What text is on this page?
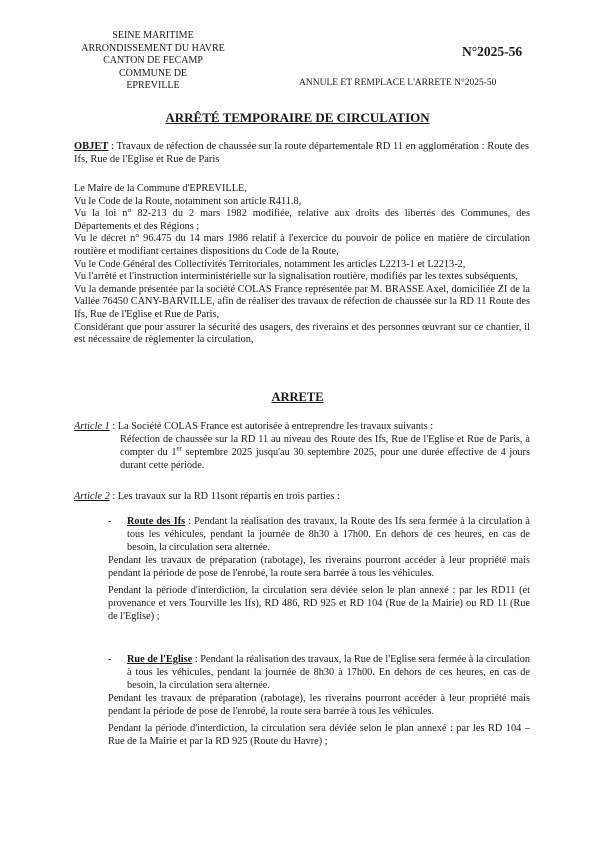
SEINE MARITIME
ARRONDISSEMENT DU HAVRE
CANTON DE FECAMP
COMMUNE DE
EPREVILLE
N°2025-56
ANNULE ET REMPLACE L'ARRETE N°2025-50
ARRÊTÉ TEMPORAIRE DE CIRCULATION
OBJET : Travaux de réfection de chaussée sur la route départementale RD 11 en agglomération : Route des Ifs, Rue de l'Eglise et Rue de Paris

Le Maire de la Commune d'EPREVILLE,

Vu le Code de la Route, notamment son article R411.8,

Vu la loi n° 82-213 du 2 mars 1982 modifiée, relative aux droits des libertés des Communes, des Départements et des Régions ;

Vu le décret n° 96.475 du 14 mars 1986 relatif à l'exercice du pouvoir de police en matière de circulation routière et modifiant certaines dispositions du Code de la Route,

Vu le Code Général des Collectivités Territoriales, notamment les articles L2213-1 et L2213-2,

Vu l'arrêté et l'instruction interministérielle sur la signalisation routière, modifiés par les textes subséquents,

Vu la demande présentée par la société COLAS France représentée par M. BRASSE Axel, domiciliée ZI de la Vallée 76450 CANY-BARVILLE, afin de réaliser des travaux de réfection de chaussée sur la RD 11 Route des Ifs, Rue de l'Eglise et Rue de Paris,

Considérant que pour assurer la sécurité des usagers, des riverains et des personnes œuvrant sur ce chantier, il est nécessaire de règlementer la circulation,

ARRETE

Article 1 : La Société COLAS France est autorisée à entreprendre les travaux suivants :

Réfection de chaussée sur la RD 11 au niveau des Route des Ifs, Rue de l'Eglise et Rue de Paris, à compter du 1er septembre 2025 jusqu'au 30 septembre 2025, pour une durée effective de 4 jours durant cette période.

Article 2 : Les travaux sur la RD 11sont répartis en trois parties :
- Route des Ifs : Pendant la réalisation des travaux, la Route des Ifs sera fermée à la circulation à tous les véhicules, pendant la journée de 8h30 à 17h00. En dehors de ces heures, en cas de besoin, la circulation sera alternée.

Pendant les travaux de préparation (rabotage), les riverains pourront accéder à leur propriété mais pendant la période de pose de l'enrobé, la route sera barrée à tous les véhicules.

Pendant la période d'interdiction, la circulation sera déviée selon le plan annexé : par les RD11 (et provenance et vers Tourville les Ifs), RD 486, RD 925 et RD 104 (Rue de la Mairie) ou RD 11 (Rue de l'Eglise) ;

- Rue de l'Eglise : Pendant la réalisation des travaux, la Rue de l'Eglise sera fermée à la circulation à tous les véhicules, pendant la journée de 8h30 à 17h00. En dehors de ces heures, en cas de besoin, la circulation sera alternée.

Pendant les travaux de préparation (rabotage), les riverains pourront accéder à leur propriété mais pendant la période de pose de l'enrobé, la route sera barrée à tous les véhicules.

Pendant la période d'interdiction, la circulation sera déviée selon le plan annexé : par les RD 104 – Rue de la Mairie et par la RD 925 (Route du Havre) ;
